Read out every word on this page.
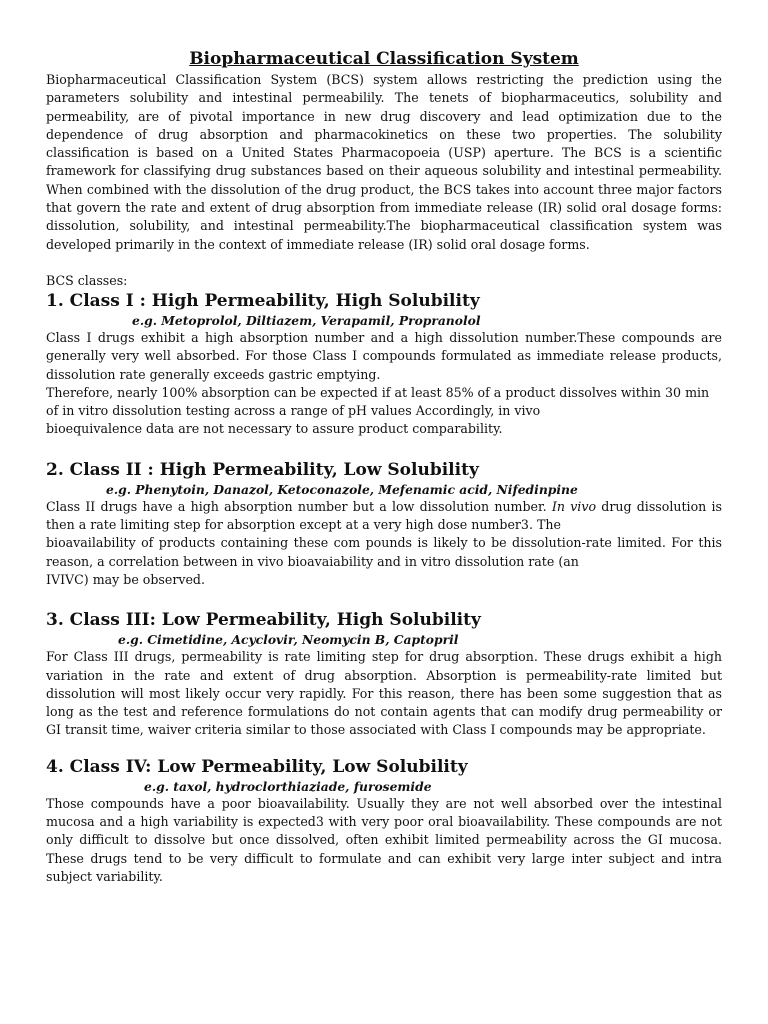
Biopharmaceutical Classification System

Biopharmaceutical Classification System (BCS) system allows restricting the prediction using the parameters solubility and intestinal permeabilily. The tenets of biopharmaceutics, solubility and permeability, are of pivotal importance in new drug discovery and lead optimization due to the dependence of drug absorption and pharmacokinetics on these two properties. The solubility classification is based on a United States Pharmacopoeia (USP) aperture. The BCS is a scientific framework for classifying drug substances based on their aqueous solubility and intestinal permeability. When combined with the dissolution of the drug product, the BCS takes into account three major factors that govern the rate and extent of drug absorption from immediate release (IR) solid oral dosage forms: dissolution, solubility, and intestinal permeability.The biopharmaceutical classification system was developed primarily in the context of immediate release (IR) solid oral dosage forms.

BCS classes:

1. Class I : High Permeability, High Solubility

e.g. Metoprolol, Diltiazem, Verapamil, Propranolol

Class I drugs exhibit a high absorption number and a high dissolution number.These compounds are generally very well absorbed. For those Class I compounds formulated as immediate release products, dissolution rate generally exceeds gastric emptying.

Therefore, nearly 100% absorption can be expected if at least 85% of a product dissolves within 30 min

of in vitro dissolution testing across a range of pH values Accordingly, in vivo

bioequivalence data are not necessary to assure product comparability.

2. Class II : High Permeability, Low Solubility

e.g. Phenytoin, Danazol, Ketoconazole, Mefenamic acid, Nifedinpine

Class II drugs have a high absorption number but a low dissolution number. In vivo drug dissolution is then a rate limiting step for absorption except at a very high dose number3. The

bioavailability of products containing these com pounds is likely to be dissolution-rate limited. For this reason, a correlation between in vivo bioavaiability and in vitro dissolution rate (an

IVIVC) may be observed.

3. Class III: Low Permeability, High Solubility

e.g. Cimetidine, Acyclovir, Neomycin B, Captopril

For Class III drugs, permeability is rate limiting step for drug absorption. These drugs exhibit a high variation in the rate and extent of drug absorption. Absorption is permeability-rate limited but dissolution will most likely occur very rapidly. For this reason, there has been some suggestion that as long as the test and reference formulations do not contain agents that can modify drug permeability or GI transit time, waiver criteria similar to those associated with Class I compounds may be appropriate.

4. Class IV: Low Permeability, Low Solubility

e.g. taxol, hydroclorthiaziade, furosemide

Those compounds have a poor bioavailability. Usually they are not well absorbed over the intestinal mucosa and a high variability is expected3 with very poor oral bioavailability. These compounds are not only difficult to dissolve but once dissolved, often exhibit limited permeability across the GI mucosa. These drugs tend to be very difficult to formulate and can exhibit very large inter subject and intra subject variability.
